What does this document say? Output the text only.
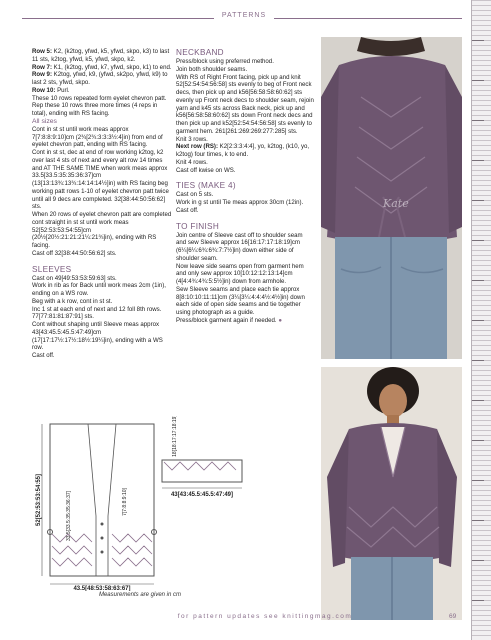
PATTERNS

Row 5: K2, (k2tog, yfwd, k5, yfwd, skpo, k3) to last 11 sts, k2tog, yfwd, k5, yfwd, skpo, k2.

Row 7: K1, (k2tog, yfwd, k7, yfwd, skpo, k1) to end.

Row 9: K2tog, yfwd, k9, (yfwd, sk2po, yfwd, k9) to last 2 sts, yfwd, skpo.

Row 10: Purl.

These 10 rows repeated form eyelet chevron patt.

Rep these 10 rows three more times (4 reps in total), ending with RS facing.

All sizes

Cont in st st until work meas approx 7[7:8:8:9:10]cm (2¾[2¾:3:3:3½:4]in) from end of eyelet chevron patt, ending with RS facing.

Cont in st st, dec at end of row working k2tog, k2 over last 4 sts of next and every alt row 14 times and AT THE SAME TIME when work meas approx 33.5[33.5:35:35:36:37]cm (13[13:13¾:13¾:14:14:14½]in) with RS facing beg working patt rows 1-10 of eyelet chevron patt twice until all 9 decs are completed. 32[38:44:50:56:62] sts.

When 20 rows of eyelet chevron patt are completed cont straight in st st until work meas 52[52:53:53:54:55]cm (20½[20½:21:21:21¼:21¾]in), ending with RS facing.

Cast off 32[38:44:50:56:62] sts.

SLEEVES

Cast on 49[49:53:53:59:63] sts.

Work in rib as for Back until work meas 2cm (1in), ending on a WS row.

Beg with a k row, cont in st st.

Inc 1 st at each end of next and 12 foll 8th rows. 77[77:81:81:87:91] sts.

Cont without shaping until Sleeve meas approx 43[43:45.5:45.5:47:49]cm (17[17:17½:17½:18½:19¼]in), ending with a WS row.

Cast off.

NECKBAND

Press/block using preferred method.

Join both shoulder seams.

With RS of Right Front facing, pick up and knit 52[52:54:54:56:58] sts evenly to beg of Front neck decs, then pick up and k56[56:58:58:60:62] sts evenly up Front neck decs to shoulder seam, rejoin yarn and k45 sts across Back neck, pick up and k56[56:58:58:60:62] sts down Front neck decs and then pick up and k52[52:54:54:56:58] sts evenly to garment hem. 261[261:269:269:277:285] sts.

Knit 3 rows.

Next row (RS): K2[2:3:3:4:4], yo, k2tog, (k10, yo, k2tog) four times, k to end.

Knit 4 rows.

Cast off kwise on WS.

TIES (MAKE 4)

Cast on 5 sts.

Work in g st until Tie meas approx 30cm (12in).

Cast off.

TO FINISH

Join centre of Sleeve cast off to shoulder seam and sew Sleeve approx 16[16:17:17:18:19]cm (6¼[6¼:6¾:6¾:7:7½]in) down either side of shoulder seam.

Now leave side seams open from garment hem and only sew approx 10[10:12:12:13:14]cm (4[4:4¾:4¾:5:5½]in) down from armhole.

Sew Sleeve seams and place each tie approx 8[8:10:10:11:11]cm (3¼[3¼:4:4:4½:4½]in) down each side of open side seams and tie together using photograph as a guide.

Press/block garment again if needed. ●

Kate
43.5[48:53:58:63:67]
52[52:53:53:54:55]	33.5[33.5:35:35:36:37]	7[7:8:8:9:10]
18[18:17:17:18:19]
43[43:45.5:45.5:47:49]
Measurements are given in cm
for pattern updates see knittingmag.com	69
